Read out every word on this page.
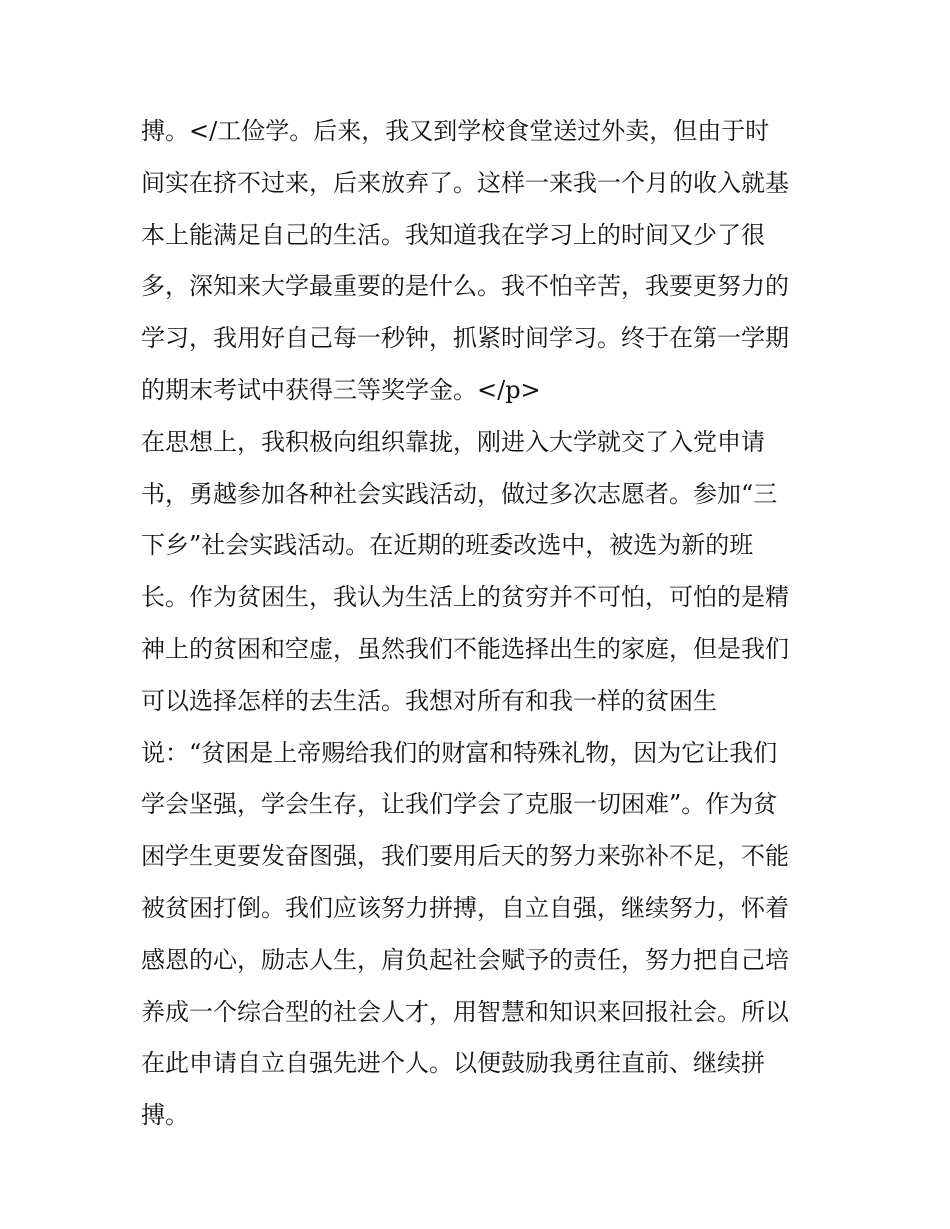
搏。</工俭学。后来，我又到学校食堂送过外卖，但由于时
间实在挤不过来，后来放弃了。这样一来我一个月的收入就基
本上能满足自己的生活。我知道我在学习上的时间又少了很
多，深知来大学最重要的是什么。我不怕辛苦，我要更努力的
学习，我用好自己每一秒钟，抓紧时间学习。终于在第一学期
的期末考试中获得三等奖学金。</p>
在思想上，我积极向组织靠拢，刚进入大学就交了入党申请
书，勇越参加各种社会实践活动，做过多次志愿者。参加“三
下乡”社会实践活动。在近期的班委改选中，被选为新的班
长。作为贫困生，我认为生活上的贫穷并不可怕，可怕的是精
神上的贫困和空虚，虽然我们不能选择出生的家庭，但是我们
可以选择怎样的去生活。我想对所有和我一样的贫困生
说：“贫困是上帝赐给我们的财富和特殊礼物，因为它让我们
学会坚强，学会生存，让我们学会了克服一切困难”。作为贫
困学生更要发奋图强，我们要用后天的努力来弥补不足，不能
被贫困打倒。我们应该努力拼搏，自立自强，继续努力，怀着
感恩的心，励志人生，肩负起社会赋予的责任，努力把自己培
养成一个综合型的社会人才，用智慧和知识来回报社会。所以
在此申请自立自强先进个人。以便鼓励我勇往直前、继续拼
搏。
